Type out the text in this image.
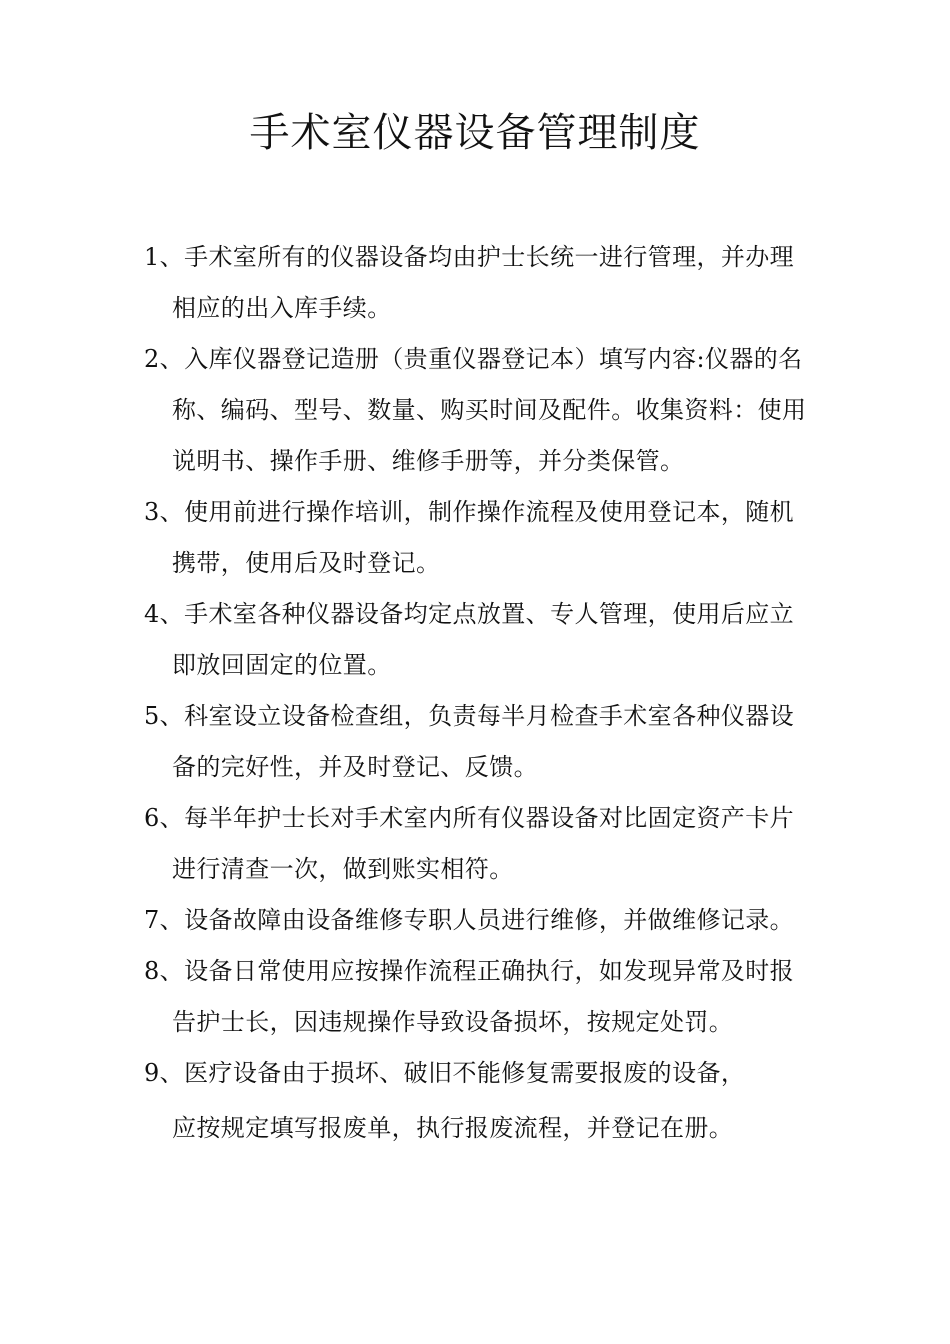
手术室仪器设备管理制度
1、手术室所有的仪器设备均由护士长统一进行管理，并办理
相应的出入库手续。
2、入库仪器登记造册（贵重仪器登记本）填写内容:仪器的名
称、编码、型号、数量、购买时间及配件。收集资料：使用
说明书、操作手册、维修手册等，并分类保管。
3、使用前进行操作培训，制作操作流程及使用登记本，随机
携带，使用后及时登记。
4、手术室各种仪器设备均定点放置、专人管理，使用后应立
即放回固定的位置。
5、科室设立设备检查组，负责每半月检查手术室各种仪器设
备的完好性，并及时登记、反馈。
6、每半年护士长对手术室内所有仪器设备对比固定资产卡片
进行清查一次，做到账实相符。
7、设备故障由设备维修专职人员进行维修，并做维修记录。
8、设备日常使用应按操作流程正确执行，如发现异常及时报
告护士长，因违规操作导致设备损坏，按规定处罚。
9、医疗设备由于损坏、破旧不能修复需要报废的设备，
应按规定填写报废单，执行报废流程，并登记在册。
